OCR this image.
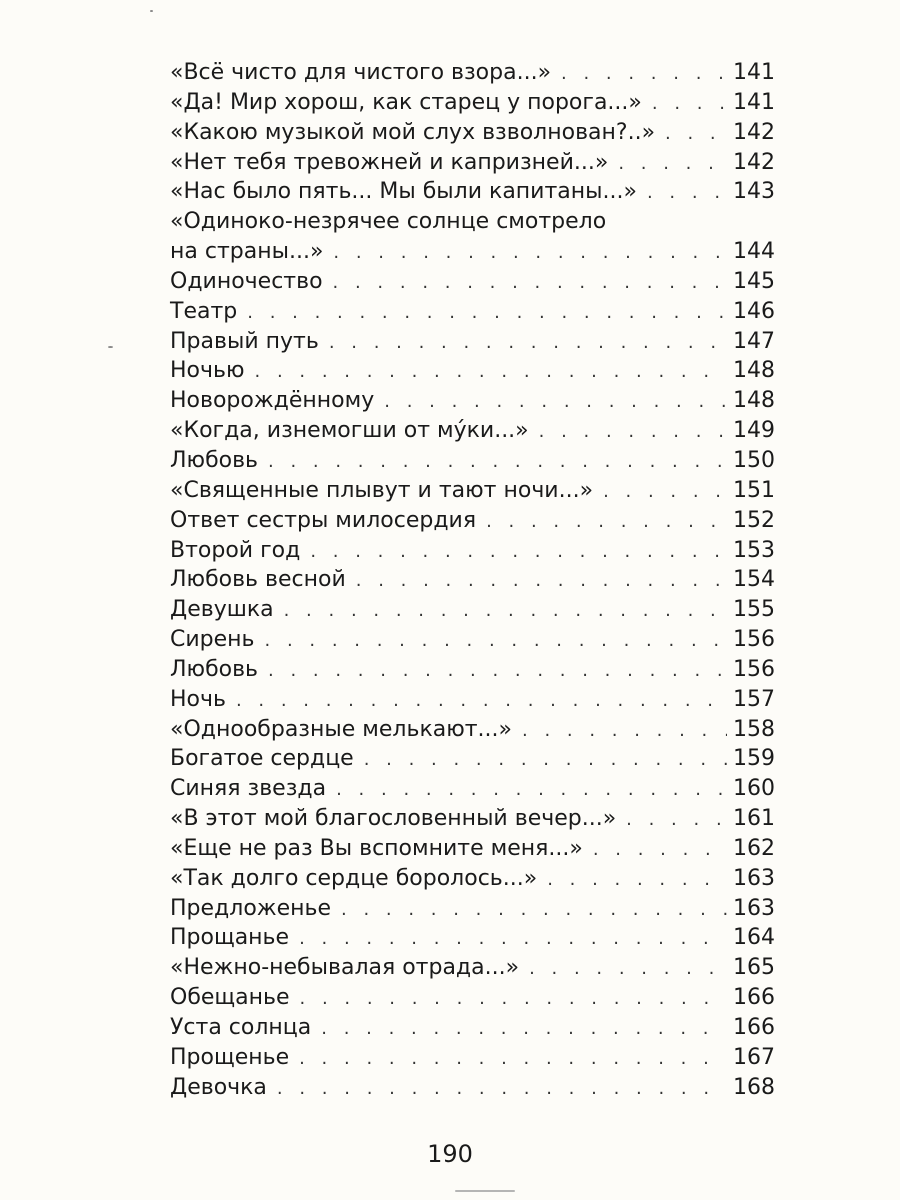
«Всё чисто для чистого взора...» . . .	141
«Да! Мир хорош, как старец у порога...» . . .	141
«Какою музыкой мой слух взволнован?..» . . .	142
«Нет тебя тревожней и капризней...» . . .	142
«Нас было пять... Мы были капитаны...» . . .	143
«Одиноко-незрячее солнце смотрело
на страны...» . . .	144
Одиночество . . .	145
Театр . . .	146
Правый путь . . .	147
Ночью . . .	148
Новорождённому . . .	148
«Когда, изнемогши от му́ки...» . . .	149
Любовь . . .	150
«Священные плывут и тают ночи...» . . .	151
Ответ сестры милосердия . . .	152
Второй год . . .	153
Любовь весной . . .	154
Девушка . . .	155
Сирень . . .	156
Любовь . . .	156
Ночь . . .	157
«Однообразные мелькают...» . . .	158
Богатое сердце . . .	159
Синяя звезда . . .	160
«В этот мой благословенный вечер...» . . .	161
«Еще не раз Вы вспомните меня...» . . .	162
«Так долго сердце боролось...» . . .	163
Предложенье . . .	163
Прощанье . . .	164
«Нежно-небывалая отрада...» . . .	165
Обещанье . . .	166
Уста солнца . . .	166
Прощенье . . .	167
Девочка . . .	168
190
